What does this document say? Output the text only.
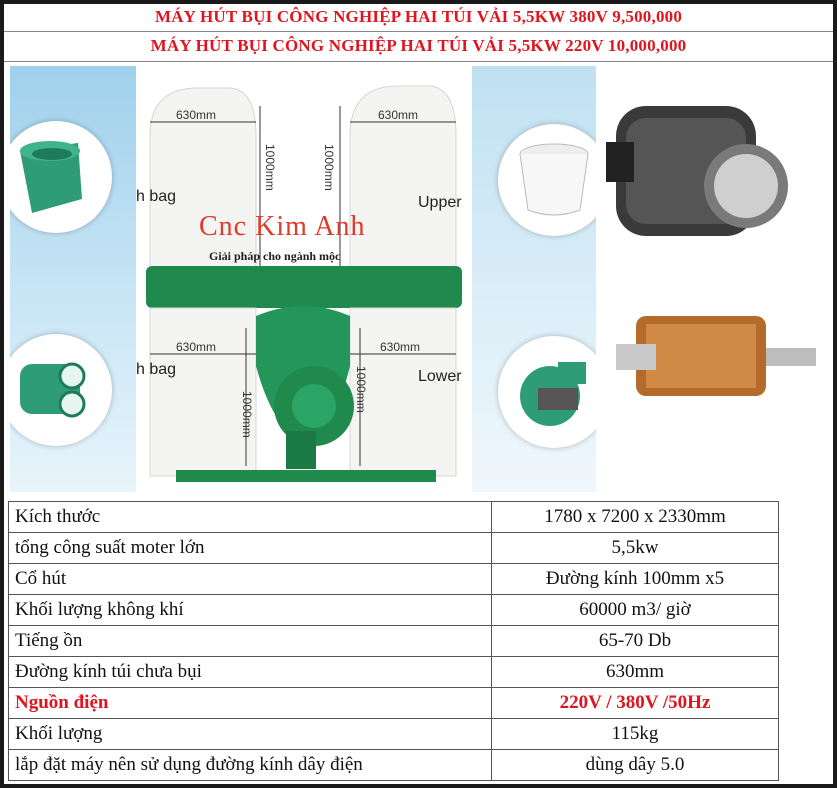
MÁY HÚT BỤI CÔNG NGHIỆP HAI TÚI VẢI 5,5KW 380V 9,500,000
MÁY HÚT BỤI CÔNG NGHIỆP HAI TÚI VẢI 5,5KW 220V 10,000,000
630mm	630mm
630mm	630mm
1000mm	1000mm
1000mm
1000mm
h bag
h bag
Upper
Lower
Cnc Kim Anh
Giải pháp cho ngành mộc
Kích thước	1780 x 7200 x 2330mm
tổng công suất moter lớn	5,5kw
Cổ hút	Đường kính 100mm x5
Khối lượng không khí	60000 m3/ giờ
Tiếng ồn	65-70 Db
Đường kính túi chưa bụi	630mm
Nguồn điện	220V / 380V /50Hz
Khối lượng	115kg
lắp đặt máy nên sử dụng đường kính dây điện	dùng dây 5.0
